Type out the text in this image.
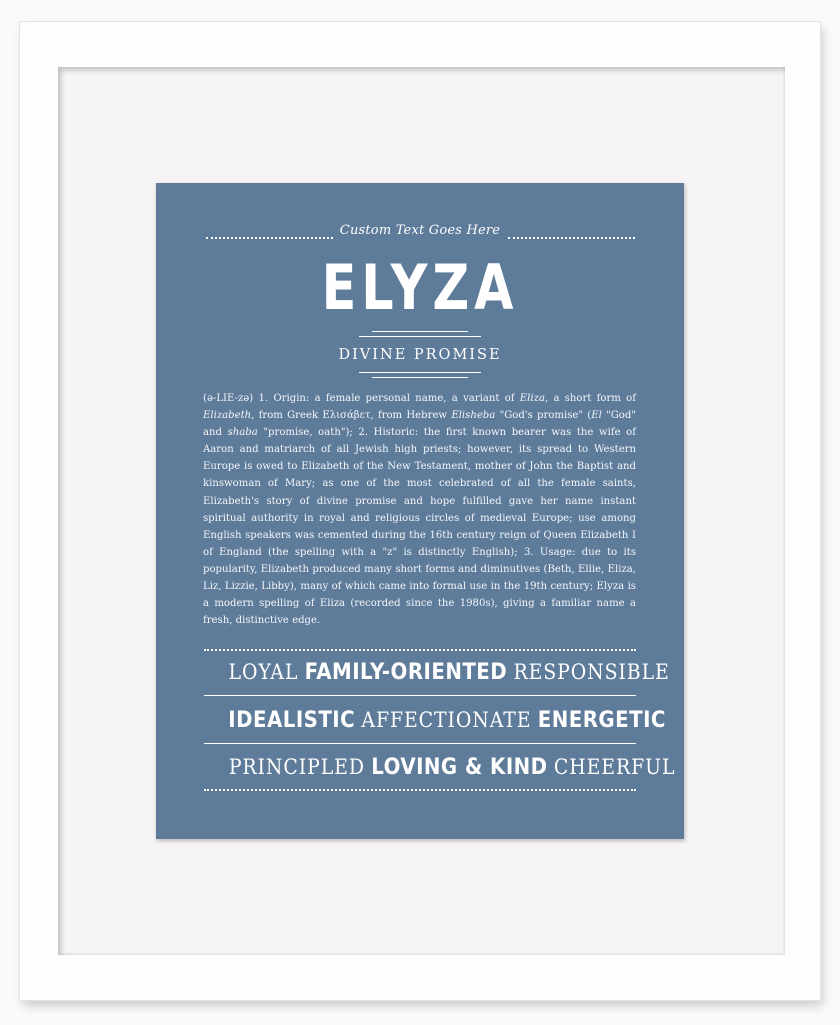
Custom Text Goes Here
ELYZA
DIVINE PROMISE
(ə-LIE-zə) 1. Origin: a female personal name, a variant of Eliza, a short form of Elizabeth, from Greek Ελισάβετ, from Hebrew Elisheba "God's promise" (El "God" and shaba "promise, oath"); 2. Historic: the first known bearer was the wife of Aaron and matriarch of all Jewish high priests; however, its spread to Western Europe is owed to Elizabeth of the New Testament, mother of John the Baptist and kinswoman of Mary; as one of the most celebrated of all the female saints, Elizabeth's story of divine promise and hope fulfilled gave her name instant spiritual authority in royal and religious circles of medieval Europe; use among English speakers was cemented during the 16th century reign of Queen Elizabeth I of England (the spelling with a "z" is distinctly English); 3. Usage: due to its popularity, Elizabeth produced many short forms and diminutives (Beth, Ellie, Eliza, Liz, Lizzie, Libby), many of which came into formal use in the 19th century; Elyza is a modern spelling of Eliza (recorded since the 1980s), giving a familiar name a fresh, distinctive edge.
LOYAL FAMILY-ORIENTED RESPONSIBLE
IDEALISTIC AFFECTIONATE ENERGETIC
PRINCIPLED LOVING & KIND CHEERFUL
